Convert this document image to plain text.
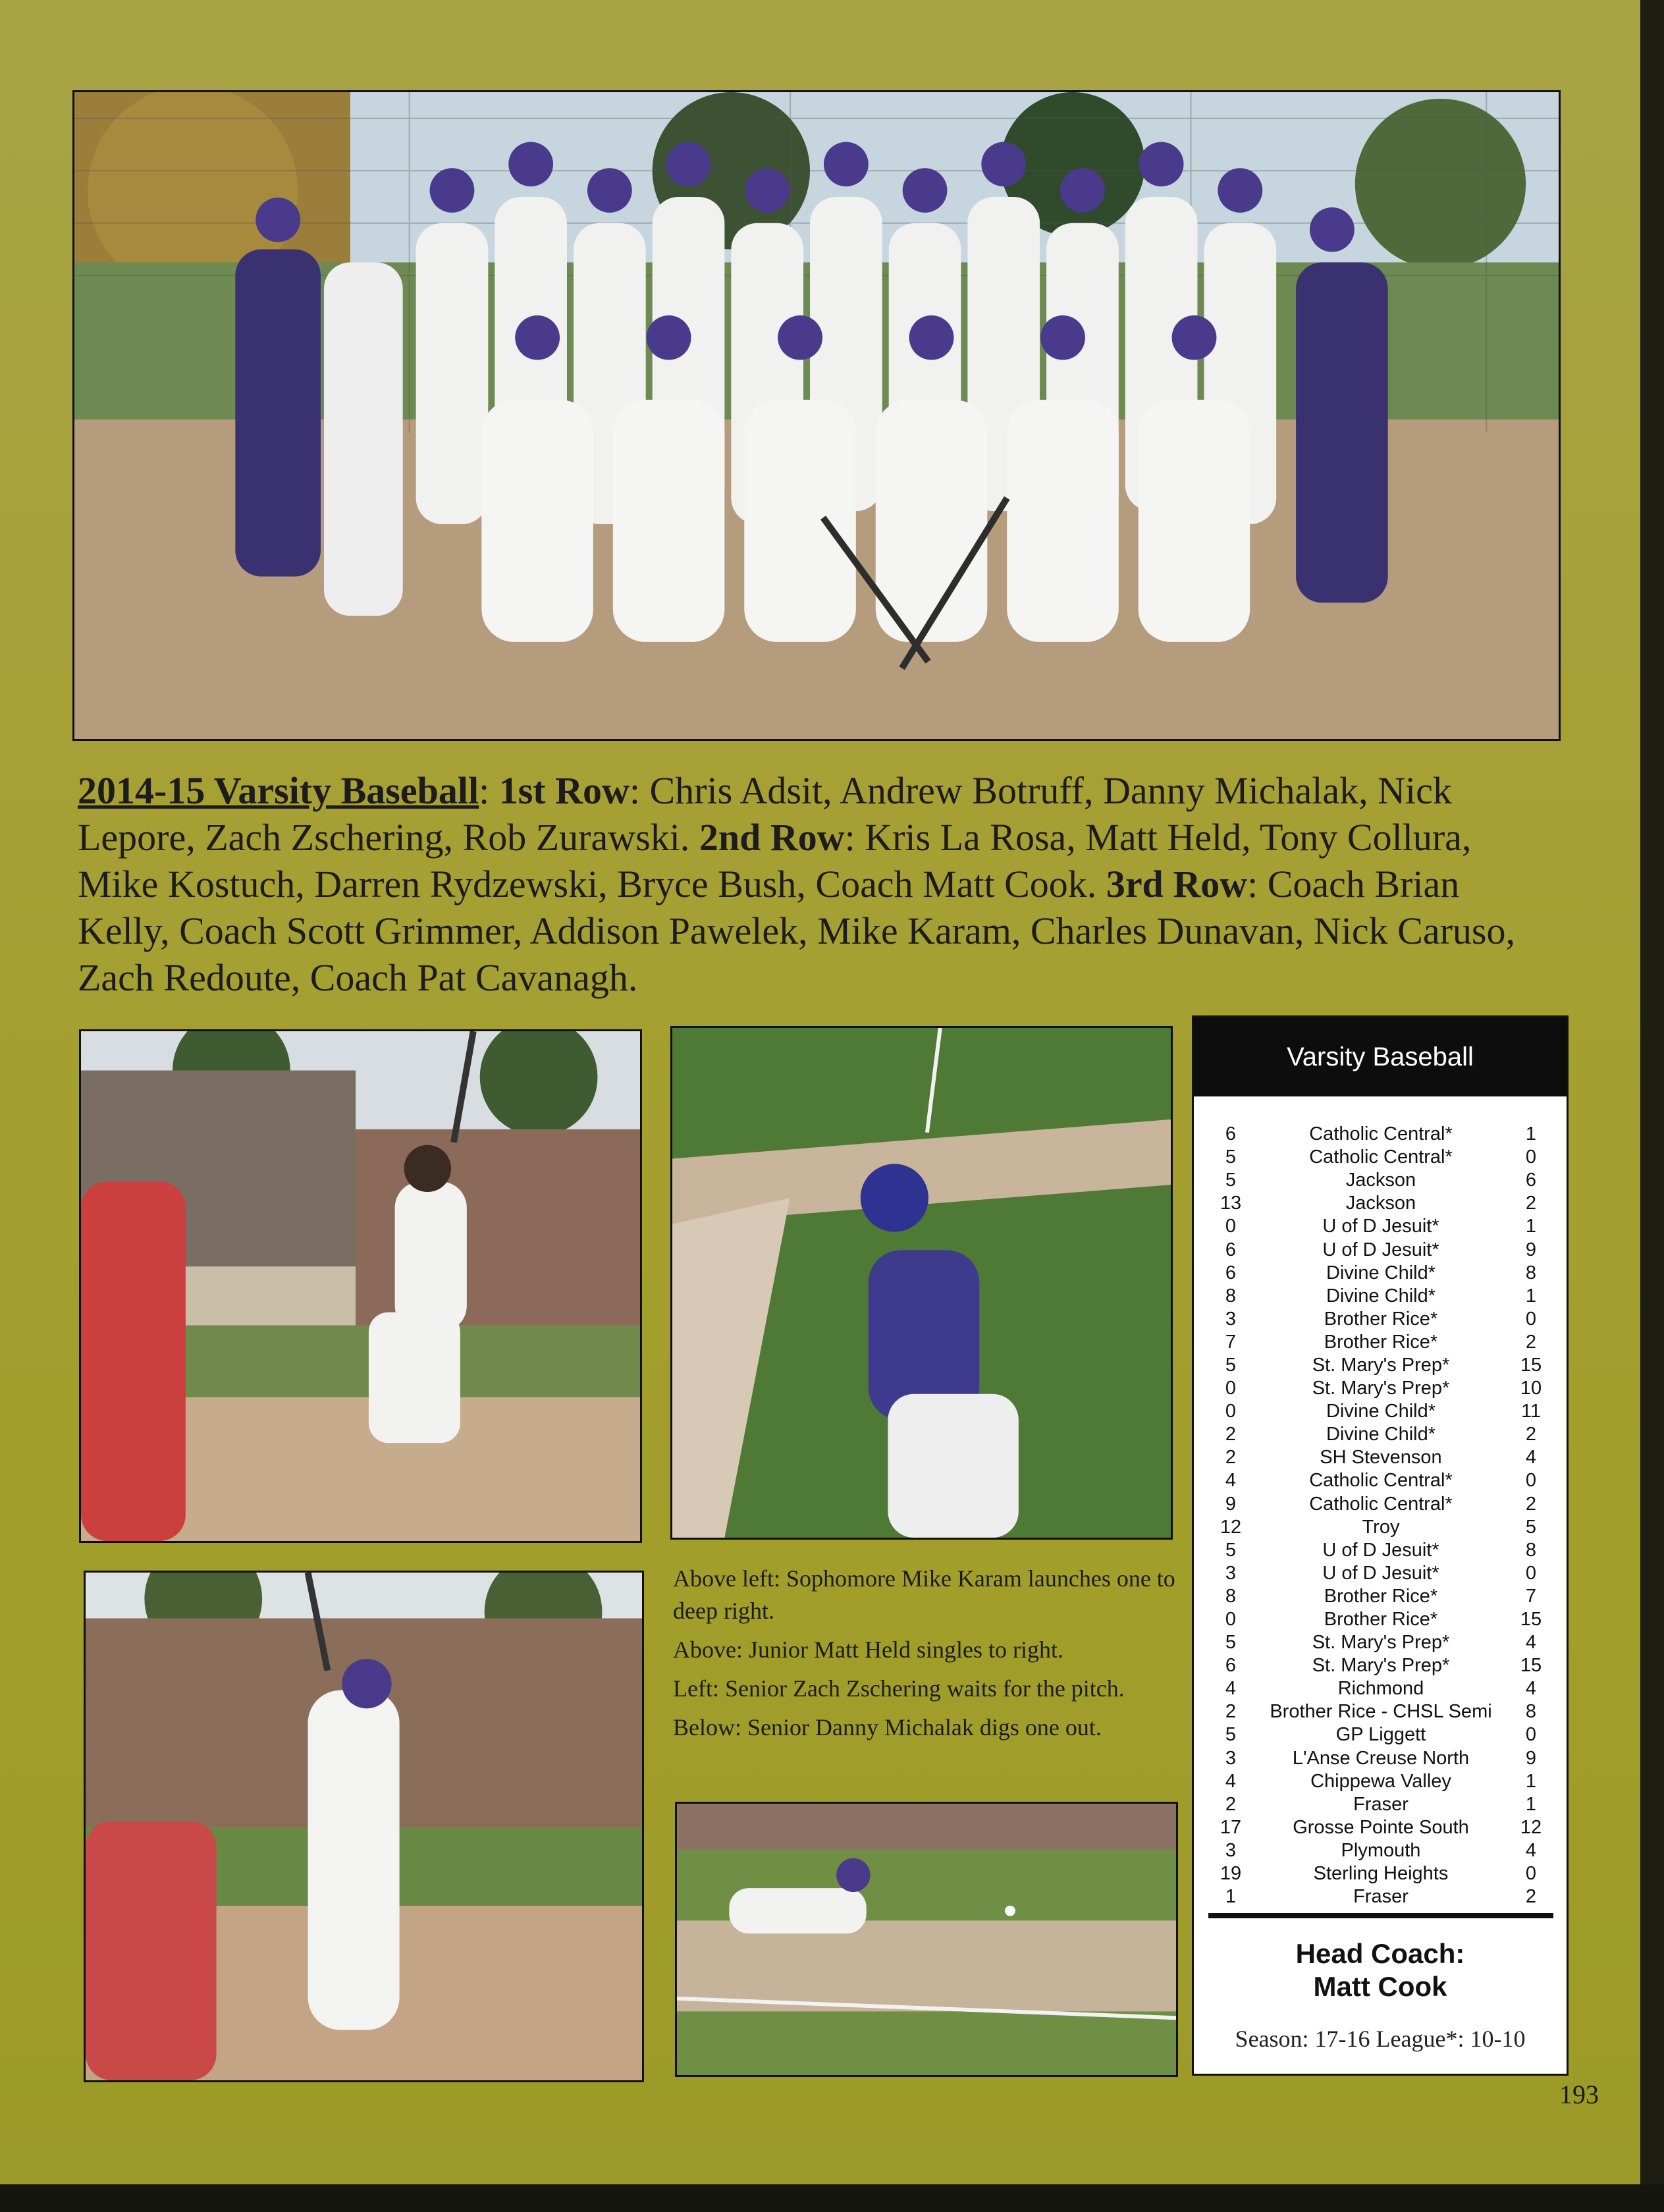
2014-15 Varsity Baseball: 1st Row: Chris Adsit, Andrew Botruff, Danny Michalak, Nick Lepore, Zach Zschering, Rob Zurawski. 2nd Row: Kris La Rosa, Matt Held, Tony Collura, Mike Kostuch, Darren Rydzewski, Bryce Bush, Coach Matt Cook. 3rd Row: Coach Brian Kelly, Coach Scott Grimmer, Addison Pawelek, Mike Karam, Charles Dunavan, Nick Caruso, Zach Redoute, Coach Pat Cavanagh.

Above left: Sophomore Mike Karam launches one to deep right.

Above: Junior Matt Held singles to right.

Left: Senior Zach Zschering waits for the pitch.

Below: Senior Danny Michalak digs one out.

Varsity Baseball
6	Catholic Central*	1
5	Catholic Central*	0
5	Jackson	6
13	Jackson	2
0	U of D Jesuit*	1
6	U of D Jesuit*	9
6	Divine Child*	8
8	Divine Child*	1
3	Brother Rice*	0
7	Brother Rice*	2
5	St. Mary's Prep*	15
0	St. Mary's Prep*	10
0	Divine Child*	11
2	Divine Child*	2
2	SH Stevenson	4
4	Catholic Central*	0
9	Catholic Central*	2
12	Troy	5
5	U of D Jesuit*	8
3	U of D Jesuit*	0
8	Brother Rice*	7
0	Brother Rice*	15
5	St. Mary's Prep*	4
6	St. Mary's Prep*	15
4	Richmond	4
2	Brother Rice - CHSL Semi	8
5	GP Liggett	0
3	L'Anse Creuse North	9
4	Chippewa Valley	1
2	Fraser	1
17	Grosse Pointe South	12
3	Plymouth	4
19	Sterling Heights	0
1	Fraser	2
Head Coach:
Matt Cook
Season: 17-16 League*: 10-10
193
